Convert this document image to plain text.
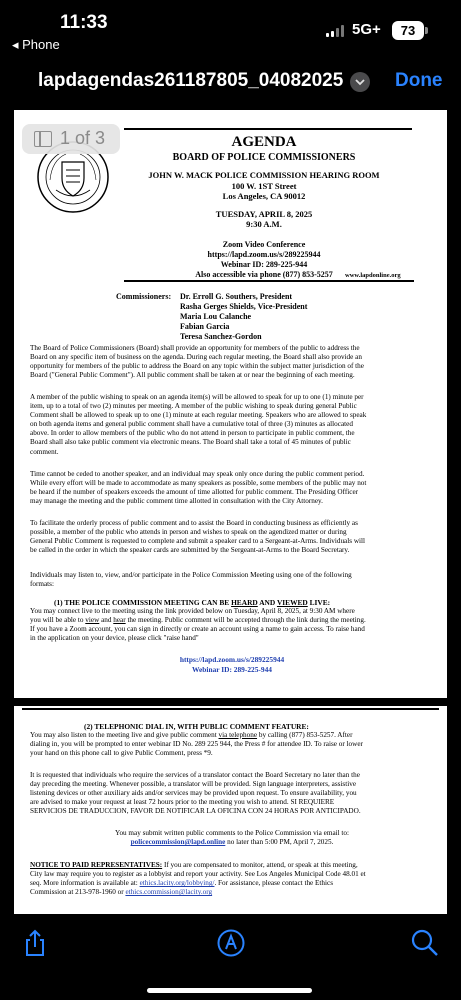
11:33
◂ Phone
5G+	73
lapdagendas261187805_04082025	Done
1 of 3	AGENDA
BOARD OF POLICE COMMISSIONERS
JOHN W. MACK POLICE COMMISSION HEARING ROOM
100 W. 1ST Street
Los Angeles, CA 90012
TUESDAY, APRIL 8, 2025
9:30 A.M.
Zoom Video Conference
https://lapd.zoom.us/s/289225944
Webinar ID: 289-225-944
Also accessible via phone (877) 853-5257	www.lapdonline.org
Commissioners: Dr. Erroll G. Southers, President
Rasha Gerges Shields, Vice-President
Maria Lou Calanche
Fabian Garcia
Teresa Sanchez-Gordon
The Board of Police Commissioners (Board) shall provide an opportunity for members of the public to address the
Board on any specific item of business on the agenda. During each regular meeting, the Board shall also provide an
opportunity for members of the public to address the Board on any topic within the subject matter jurisdiction of the
Board ("General Public Comment"). All public comment shall be taken at or near the beginning of each meeting.
A member of the public wishing to speak on an agenda item(s) will be allowed to speak for up to one (1) minute per
item, up to a total of two (2) minutes per meeting. A member of the public wishing to speak during general Public
Comment shall be allowed to speak up to one (1) minute at each regular meeting. Speakers who are allowed to speak
on both agenda items and general public comment shall have a cumulative total of three (3) minutes as allocated
above. In order to allow members of the public who do not attend in person to participate in public comment, the
Board shall also take public comment via electronic means. The Board shall take a total of 45 minutes of public
comment.
Time cannot be ceded to another speaker, and an individual may speak only once during the public comment period.
While every effort will be made to accommodate as many speakers as possible, some members of the public may not
be heard if the number of speakers exceeds the amount of time allotted for public comment. The Presiding Officer
may manage the meeting and the public comment time allotted in consultation with the City Attorney.
To facilitate the orderly process of public comment and to assist the Board in conducting business as efficiently as
possible, a member of the public who attends in person and wishes to speak on the agendized matter or during
General Public Comment is requested to complete and submit a speaker card to a Sergeant-at-Arms. Individuals will
be called in the order in which the speaker cards are submitted by the Sergeant-at-Arms to the Board Secretary.
Individuals may listen to, view, and/or participate in the Police Commission Meeting using one of the following
formats:
(1) THE POLICE COMMISSION MEETING CAN BE HEARD AND VIEWED LIVE:
You may connect live to the meeting using the link provided below on Tuesday, April 8, 2025, at 9:30 AM where
you will be able to view and hear the meeting. Public comment will be accepted through the link during the meeting.
If you have a Zoom account, you can sign in directly or create an account using a name to gain access. To raise hand
in the application on your device, please click "raise hand"
https://lapd.zoom.us/s/289225944
Webinar ID: 289-225-944
(2) TELEPHONIC DIAL IN, WITH PUBLIC COMMENT FEATURE:
You may also listen to the meeting live and give public comment via telephone by calling (877) 853-5257. After
dialing in, you will be prompted to enter webinar ID No. 289 225 944, the Press # for attendee ID. To raise or lower
your hand on this phone call to give Public Comment, press *9.
It is requested that individuals who require the services of a translator contact the Board Secretary no later than the
day preceding the meeting. Whenever possible, a translator will be provided. Sign language interpreters, assistive
listening devices or other auxiliary aids and/or services may be provided upon request. To ensure availability, you
are advised to make your request at least 72 hours prior to the meeting you wish to attend. SI REQUIERE
SERVICIOS DE TRADUCCION, FAVOR DE NOTIFICAR LA OFICINA CON 24 HORAS POR ANTICIPADO.
You may submit written public comments to the Police Commission via email to:
policecommission@lapd.online no later than 5:00 PM, April 7, 2025.
NOTICE TO PAID REPRESENTATIVES: If you are compensated to monitor, attend, or speak at this meeting,
City law may require you to register as a lobbyist and report your activity. See Los Angeles Municipal Code 48.01 et
seq. More information is available at: ethics.lacity.org/lobbying/. For assistance, please contact the Ethics
Commission at 213-978-1960 or ethics.commission@lacity.org
